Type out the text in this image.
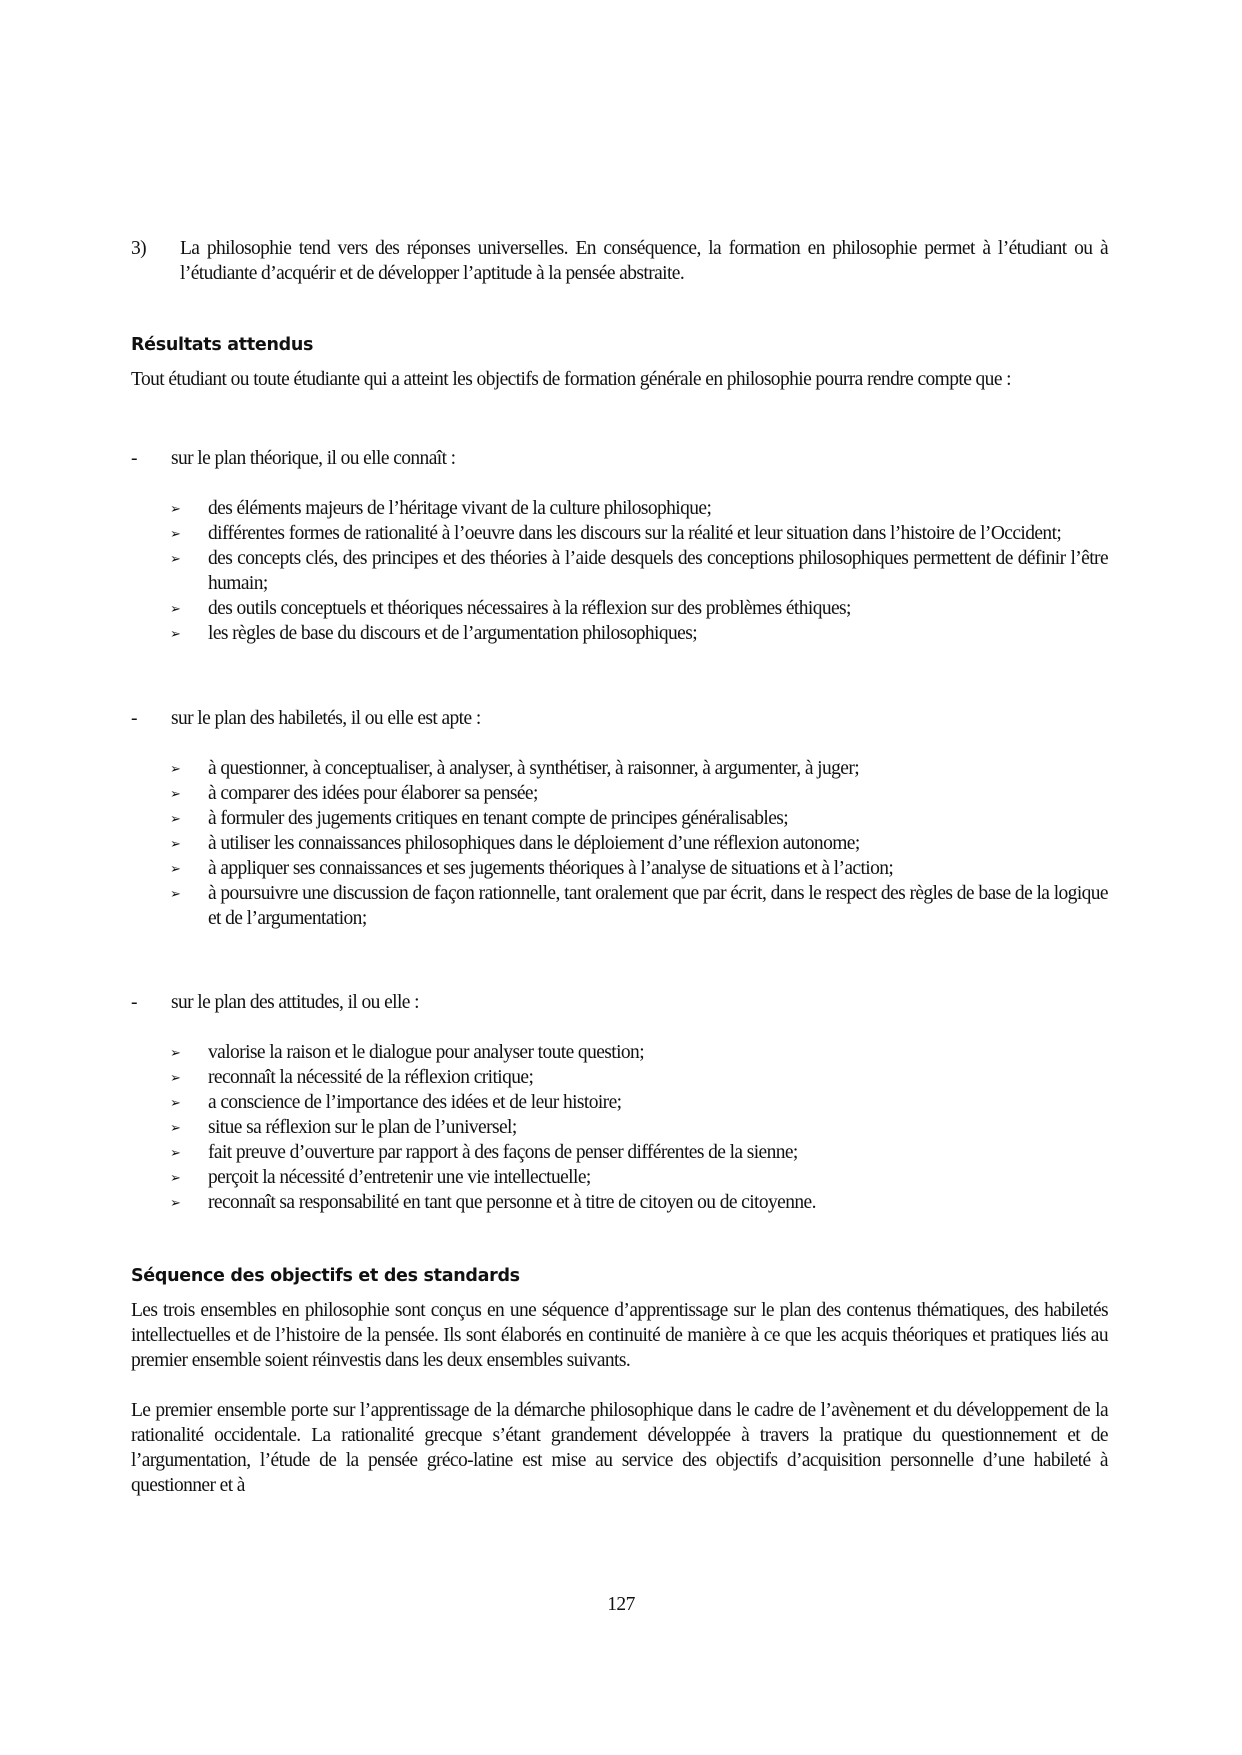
3) La philosophie tend vers des réponses universelles. En conséquence, la formation en philosophie permet à l’étudiant ou à l’étudiante d’acquérir et de développer l’aptitude à la pensée abstraite.
Résultats attendus
Tout étudiant ou toute étudiante qui a atteint les objectifs de formation générale en philosophie pourra rendre compte que :
- sur le plan théorique, il ou elle connaît :
➢ des éléments majeurs de l’héritage vivant de la culture philosophique;
➢ différentes formes de rationalité à l’oeuvre dans les discours sur la réalité et leur situation dans l’histoire de l’Occident;
➢ des concepts clés, des principes et des théories à l’aide desquels des conceptions philosophiques permettent de définir l’être humain;
➢ des outils conceptuels et théoriques nécessaires à la réflexion sur des problèmes éthiques;
➢ les règles de base du discours et de l’argumentation philosophiques;
- sur le plan des habiletés, il ou elle est apte :
➢ à questionner, à conceptualiser, à analyser, à synthétiser, à raisonner, à argumenter, à juger;
➢ à comparer des idées pour élaborer sa pensée;
➢ à formuler des jugements critiques en tenant compte de principes généralisables;
➢ à utiliser les connaissances philosophiques dans le déploiement d’une réflexion autonome;
➢ à appliquer ses connaissances et ses jugements théoriques à l’analyse de situations et à l’action;
➢ à poursuivre une discussion de façon rationnelle, tant oralement que par écrit, dans le respect des règles de base de la logique et de l’argumentation;
- sur le plan des attitudes, il ou elle :
➢ valorise la raison et le dialogue pour analyser toute question;
➢ reconnaît la nécessité de la réflexion critique;
➢ a conscience de l’importance des idées et de leur histoire;
➢ situe sa réflexion sur le plan de l’universel;
➢ fait preuve d’ouverture par rapport à des façons de penser différentes de la sienne;
➢ perçoit la nécessité d’entretenir une vie intellectuelle;
➢ reconnaît sa responsabilité en tant que personne et à titre de citoyen ou de citoyenne.
Séquence des objectifs et des standards
Les trois ensembles en philosophie sont conçus en une séquence d’apprentissage sur le plan des contenus thématiques, des habiletés intellectuelles et de l’histoire de la pensée. Ils sont élaborés en continuité de manière à ce que les acquis théoriques et pratiques liés au premier ensemble soient réinvestis dans les deux ensembles suivants.
Le premier ensemble porte sur l’apprentissage de la démarche philosophique dans le cadre de l’avènement et du développement de la rationalité occidentale. La rationalité grecque s’étant grandement développée à travers la pratique du questionnement et de l’argumentation, l’étude de la pensée gréco-latine est mise au service des objectifs d’acquisition personnelle d’une habileté à questionner et à
127
